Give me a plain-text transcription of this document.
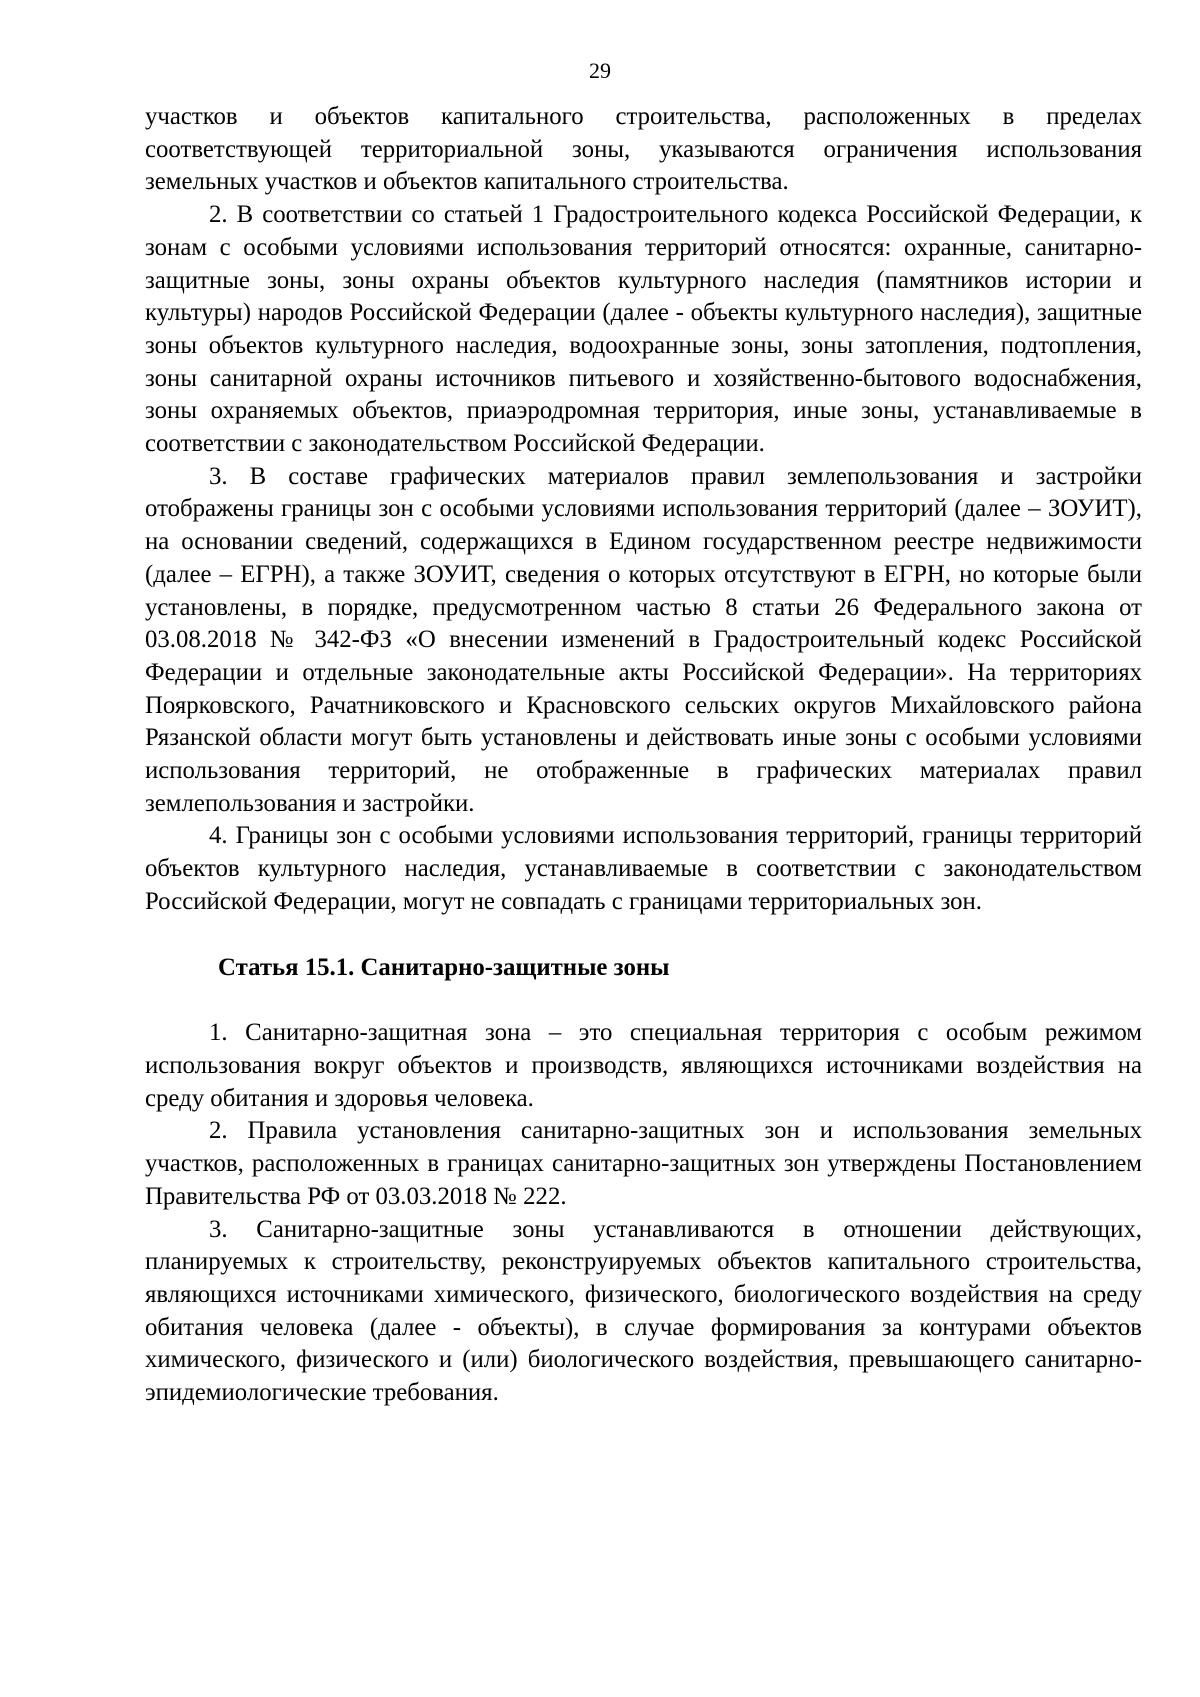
29

участков и объектов капитального строительства, расположенных в пределах соответствующей территориальной зоны, указываются ограничения использования земельных участков и объектов капитального строительства.

2. В соответствии со статьей 1 Градостроительного кодекса Российской Федерации, к зонам с особыми условиями использования территорий относятся: охранные, санитарно-защитные зоны, зоны охраны объектов культурного наследия (памятников истории и культуры) народов Российской Федерации (далее - объекты культурного наследия), защитные зоны объектов культурного наследия, водоохранные зоны, зоны затопления, подтопления, зоны санитарной охраны источников питьевого и хозяйственно-бытового водоснабжения, зоны охраняемых объектов, приаэродромная территория, иные зоны, устанавливаемые в соответствии с законодательством Российской Федерации.

3. В составе графических материалов правил землепользования и застройки отображены границы зон с особыми условиями использования территорий (далее – ЗОУИТ), на основании сведений, содержащихся в Едином государственном реестре недвижимости (далее – ЕГРН), а также ЗОУИТ, сведения о которых отсутствуют в ЕГРН, но которые были установлены, в порядке, предусмотренном частью 8 статьи 26 Федерального закона от 03.08.2018 № 342-ФЗ «О внесении изменений в Градостроительный кодекс Российской Федерации и отдельные законодательные акты Российской Федерации». На территориях Поярковского, Рачатниковского и Красновского сельских округов Михайловского района Рязанской области могут быть установлены и действовать иные зоны с особыми условиями использования территорий, не отображенные в графических материалах правил землепользования и застройки.

4. Границы зон с особыми условиями использования территорий, границы территорий объектов культурного наследия, устанавливаемые в соответствии с законодательством Российской Федерации, могут не совпадать с границами территориальных зон.

Статья 15.1. Санитарно-защитные зоны

1. Санитарно-защитная зона – это специальная территория с особым режимом использования вокруг объектов и производств, являющихся источниками воздействия на среду обитания и здоровья человека.

2. Правила установления санитарно-защитных зон и использования земельных участков, расположенных в границах санитарно-защитных зон утверждены Постановлением Правительства РФ от 03.03.2018 № 222.

3. Санитарно-защитные зоны устанавливаются в отношении действующих, планируемых к строительству, реконструируемых объектов капитального строительства, являющихся источниками химического, физического, биологического воздействия на среду обитания человека (далее - объекты), в случае формирования за контурами объектов химического, физического и (или) биологического воздействия, превышающего санитарно-эпидемиологические требования.
